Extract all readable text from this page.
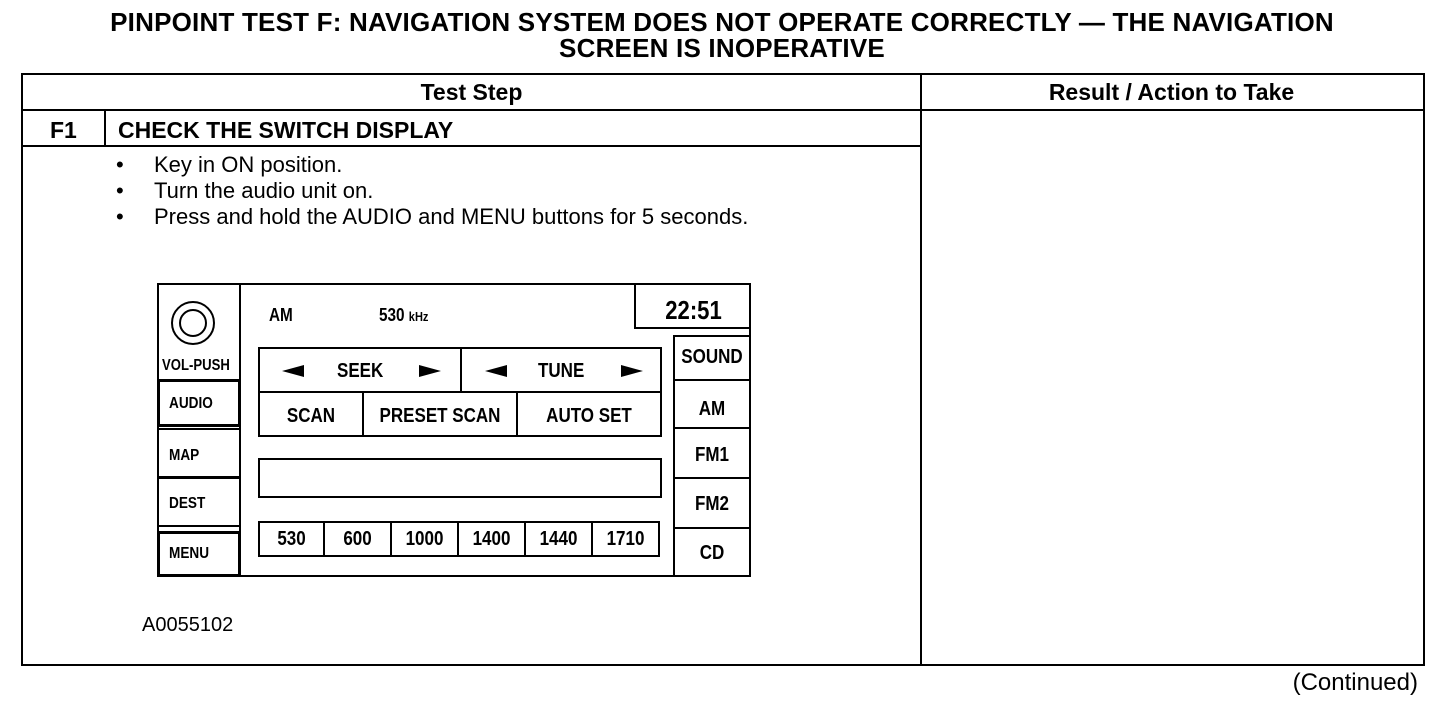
PINPOINT TEST F: NAVIGATION SYSTEM DOES NOT OPERATE CORRECTLY — THE NAVIGATION
SCREEN IS INOPERATIVE
Test Step	Result / Action to Take
F1 CHECK THE SWITCH DISPLAY
• Key in ON position.
• Turn the audio unit on.
• Press and hold the AUDIO and MENU buttons for 5 seconds.
VOL-PUSH
AUDIO
MAP
DEST
MENU
AM	530 kHz	22:51
SOUND
AM
FM1
FM2
CD
SEEK	TUNE
SCAN	PRESET SCAN	AUTO SET
530	600	1000	1400	1440	1710
A0055102
(Continued)
